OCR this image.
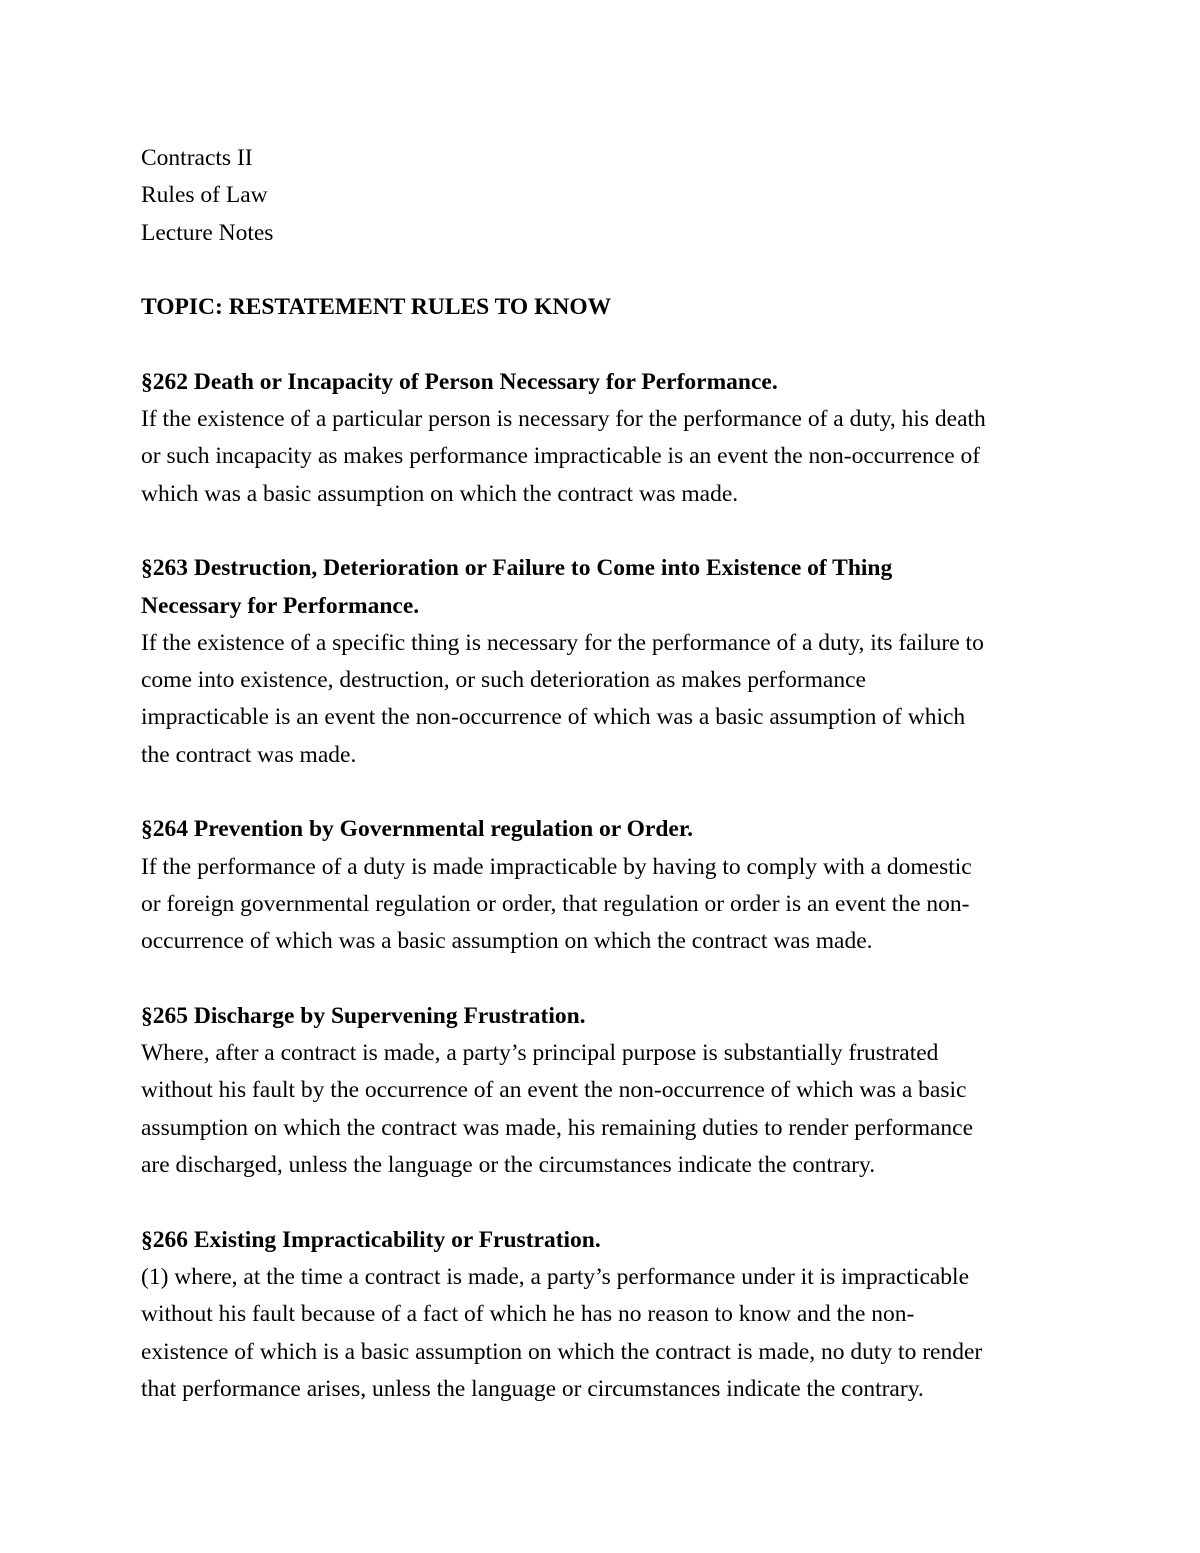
Contracts II
Rules of Law
Lecture Notes
TOPIC: RESTATEMENT RULES TO KNOW
§262 Death or Incapacity of Person Necessary for Performance.
If the existence of a particular person is necessary for the performance of a duty, his death
or such incapacity as makes performance impracticable is an event the non-occurrence of
which was a basic assumption on which the contract was made.
§263 Destruction, Deterioration or Failure to Come into Existence of Thing
Necessary for Performance.
If the existence of a specific thing is necessary for the performance of a duty, its failure to
come into existence, destruction, or such deterioration as makes performance
impracticable is an event the non-occurrence of which was a basic assumption of which
the contract was made.
§264 Prevention by Governmental regulation or Order.
If the performance of a duty is made impracticable by having to comply with a domestic
or foreign governmental regulation or order, that regulation or order is an event the non-
occurrence of which was a basic assumption on which the contract was made.
§265 Discharge by Supervening Frustration.
Where, after a contract is made, a party’s principal purpose is substantially frustrated
without his fault by the occurrence of an event the non-occurrence of which was a basic
assumption on which the contract was made, his remaining duties to render performance
are discharged, unless the language or the circumstances indicate the contrary.
§266 Existing Impracticability or Frustration.
(1) where, at the time a contract is made, a party’s performance under it is impracticable
without his fault because of a fact of which he has no reason to know and the non-
existence of which is a basic assumption on which the contract is made, no duty to render
that performance arises, unless the language or circumstances indicate the contrary.
